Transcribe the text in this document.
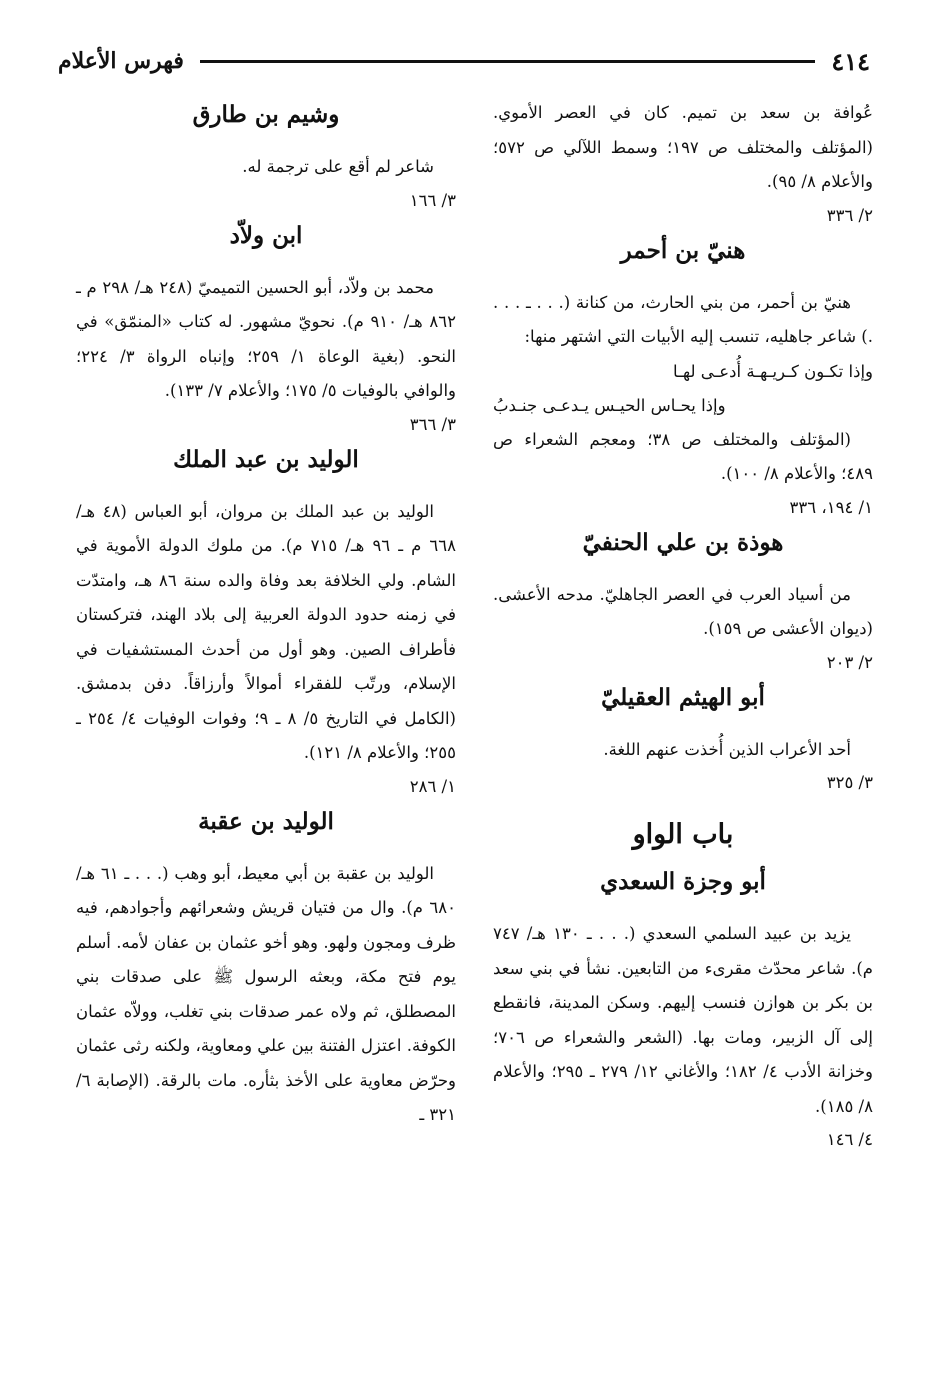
٤١٤
فهرس الأعلام

عُوافة بن سعد بن تميم. كان في العصر الأموي. (المؤتلف والمختلف ص ١٩٧؛ وسمط اللآلي ص ٥٧٢؛ والأعلام ٨/ ٩٥).

٢/ ٣٣٦

هنيّ بن أحمر

هنيّ بن أحمر، من بني الحارث، من كنانة (. . . ـ . . . .) شاعر جاهليه، تنسب إليه الأبيات التي اشتهر منها:

وإذا تكـون كـريـهـة أُدعـى لهـا

وإذا يحـاس الحيـس يـدعـى جنـدبُ

(المؤتلف والمختلف ص ٣٨؛ ومعجم الشعراء ص ٤٨٩؛ والأعلام ٨/ ١٠٠).

١/ ١٩٤، ٣٣٦

هوذة بن علي الحنفيّ

من أسياد العرب في العصر الجاهليّ. مدحه الأعشى. (ديوان الأعشى ص ١٥٩).

٢/ ٢٠٣

أبو الهيثم العقيليّ

أحد الأعراب الذين أُخذت عنهم اللغة.

٣/ ٣٢٥

باب الواو
أبو وجزة السعدي

يزيد بن عبيد السلمي السعدي (. . . ـ ١٣٠ هـ/ ٧٤٧ م). شاعر محدّث مقرىء من التابعين. نشأ في بني سعد بن بكر بن هوازن فنسب إليهم. وسكن المدينة، فانقطع إلى آل الزبير، ومات بها. (الشعر والشعراء ص ٧٠٦؛ وخزانة الأدب ٤/ ١٨٢؛ والأغاني ١٢/ ٢٧٩ ـ ٢٩٥؛ والأعلام ٨/ ١٨٥).

٤/ ١٤٦

وشيم بن طارق

شاعر لم أقع على ترجمة له.

٣/ ١٦٦

ابن ولاّد

محمد بن ولاّد، أبو الحسين التميميّ (٢٤٨ هـ/ ٢٩٨ م ـ ٨٦٢ هـ/ ٩١٠ م). نحويّ مشهور. له كتاب «المنمّق» في النحو. (بغية الوعاة ١/ ٢٥٩؛ وإنباه الرواة ٣/ ٢٢٤؛ والوافي بالوفيات ٥/ ١٧٥؛ والأعلام ٧/ ١٣٣).

٣/ ٣٦٦

الوليد بن عبد الملك

الوليد بن عبد الملك بن مروان، أبو العباس (٤٨ هـ/ ٦٦٨ م ـ ٩٦ هـ/ ٧١٥ م). من ملوك الدولة الأموية في الشام. ولي الخلافة بعد وفاة والده سنة ٨٦ هـ، وامتدّت في زمنه حدود الدولة العربية إلى بلاد الهند، فتركستان فأطراف الصين. وهو أول من أحدث المستشفيات في الإسلام، ورتّب للفقراء أموالاً وأرزاقاً. دفن بدمشق. (الكامل في التاريخ ٥/ ٨ ـ ٩؛ وفوات الوفيات ٤/ ٢٥٤ ـ ٢٥٥؛ والأعلام ٨/ ١٢١).

١/ ٢٨٦

الوليد بن عقبة

الوليد بن عقبة بن أبي معيط، أبو وهب (. . . ـ ٦١ هـ/ ٦٨٠ م). وال من فتيان قريش وشعرائهم وأجوادهم، فيه ظرف ومجون ولهو. وهو أخو عثمان بن عفان لأمه. أسلم يوم فتح مكة، وبعثه الرسول ﷺ على صدقات بني المصطلق، ثم ولاه عمر صدقات بني تغلب، وولاّه عثمان الكوفة. اعتزل الفتنة بين علي ومعاوية، ولكنه رثى عثمان وحرّض معاوية على الأخذ بثأره. مات بالرقة. (الإصابة ٦/ ٣٢١ ـ
